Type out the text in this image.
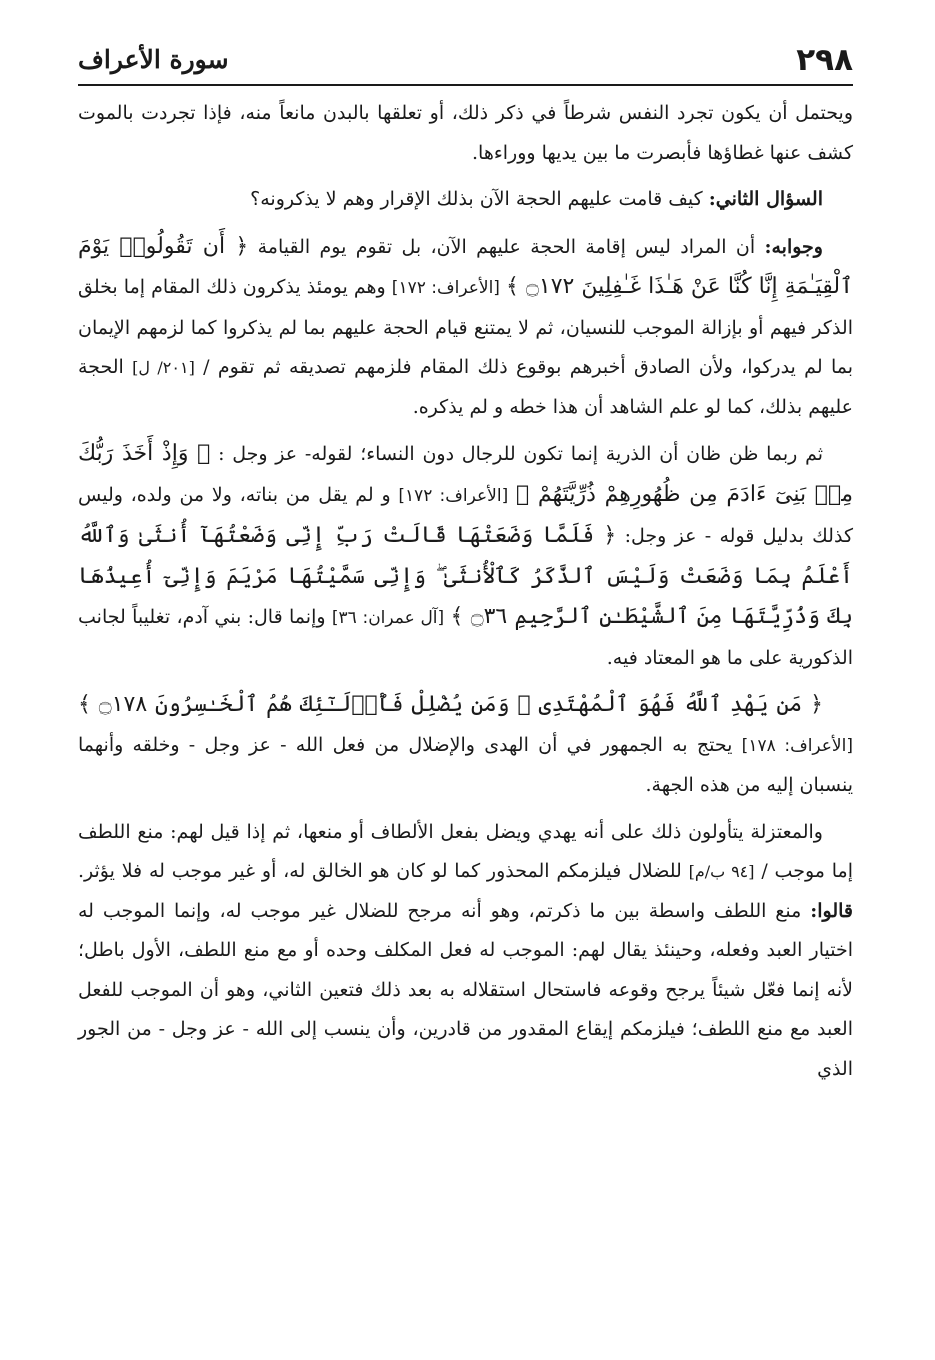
٢٩٨
سورة الأعراف

ويحتمل أن يكون تجرد النفس شرطاً في ذكر ذلك، أو تعلقها بالبدن مانعاً منه، فإذا تجردت بالموت كشف عنها غطاؤها فأبصرت ما بين يديها ووراءها.

السؤال الثاني: كيف قامت عليهم الحجة الآن بذلك الإقرار وهم لا يذكرونه؟

وجوابه: أن المراد ليس إقامة الحجة عليهم الآن، بل تقوم يوم القيامة ﴿ أَن تَقُولُوا۟ يَوْمَ ٱلْقِيَـٰمَةِ إِنَّا كُنَّا عَنْ هَـٰذَا غَـٰفِلِينَ ۝١٧٢ ﴾ [الأعراف: ١٧٢] وهم يومئذ يذكرون ذلك المقام إما بخلق الذكر فيهم أو بإزالة الموجب للنسيان، ثم لا يمتنع قيام الحجة عليهم بما لم يذكروا كما لزمهم الإيمان بما لم يدركوا، ولأن الصادق أخبرهم بوقوع ذلك المقام فلزمهم تصديقه ثم تقوم / [٢٠١/ ل] الحجة عليهم بذلك، كما لو علم الشاهد أن هذا خطه و لم يذكره.

ثم ربما ظن ظان أن الذرية إنما تكون للرجال دون النساء؛ لقوله- عز وجل : ﴿ وَإِذْ أَخَذَ رَبُّكَ مِنۢ بَنِىٓ ءَادَمَ مِن ظُهُورِهِمْ ذُرِّيَّتَهُمْ ﴾ [الأعراف: ١٧٢] و لم يقل من بناته، ولا من ولده، وليس كذلك بدليل قوله - عز وجل: ﴿ فَلَمَّا وَضَعَتْهَا قَالَتْ رَبِّ إِنِّى وَضَعْتُهَآ أُنثَىٰ وَٱللَّهُ أَعْلَمُ بِمَا وَضَعَتْ وَلَيْسَ ٱلذَّكَرُ كَٱلْأُنثَىٰ ۖ وَإِنِّى سَمَّيْتُهَا مَرْيَمَ وَإِنِّىٓ أُعِيذُهَا بِكَ وَذُرِّيَّتَهَا مِنَ ٱلشَّيْطَـٰنِ ٱلرَّجِيمِ ۝٣٦ ﴾ [آل عمران: ٣٦] وإنما قال: بني آدم، تغليباً لجانب الذكورية على ما هو المعتاد فيه.

﴿ مَن يَهْدِ ٱللَّهُ فَهُوَ ٱلْمُهْتَدِى ۖ وَمَن يُضْلِلْ فَأُو۟لَـٰٓئِكَ هُمُ ٱلْخَـٰسِرُونَ ۝١٧٨ ﴾ [الأعراف: ١٧٨] يحتج به الجمهور في أن الهدى والإضلال من فعل الله - عز وجل - وخلقه وأنهما ينسبان إليه من هذه الجهة.

والمعتزلة يتأولون ذلك على أنه يهدي ويضل بفعل الألطاف أو منعها، ثم إذا قيل لهم: منع اللطف إما موجب / [٩٤ ب/م] للضلال فيلزمكم المحذور كما لو كان هو الخالق له، أو غير موجب له فلا يؤثر. قالوا: منع اللطف واسطة بين ما ذكرتم، وهو أنه مرجح للضلال غير موجب له، وإنما الموجب له اختيار العبد وفعله، وحينئذ يقال لهم: الموجب له فعل المكلف وحده أو مع منع اللطف، الأول باطل؛ لأنه إنما فعّل شيئاً يرجح وقوعه فاستحال استقلاله به بعد ذلك فتعين الثاني، وهو أن الموجب للفعل العبد مع منع اللطف؛ فيلزمكم إيقاع المقدور من قادرين، وأن ينسب إلى الله - عز وجل - من الجور الذي
